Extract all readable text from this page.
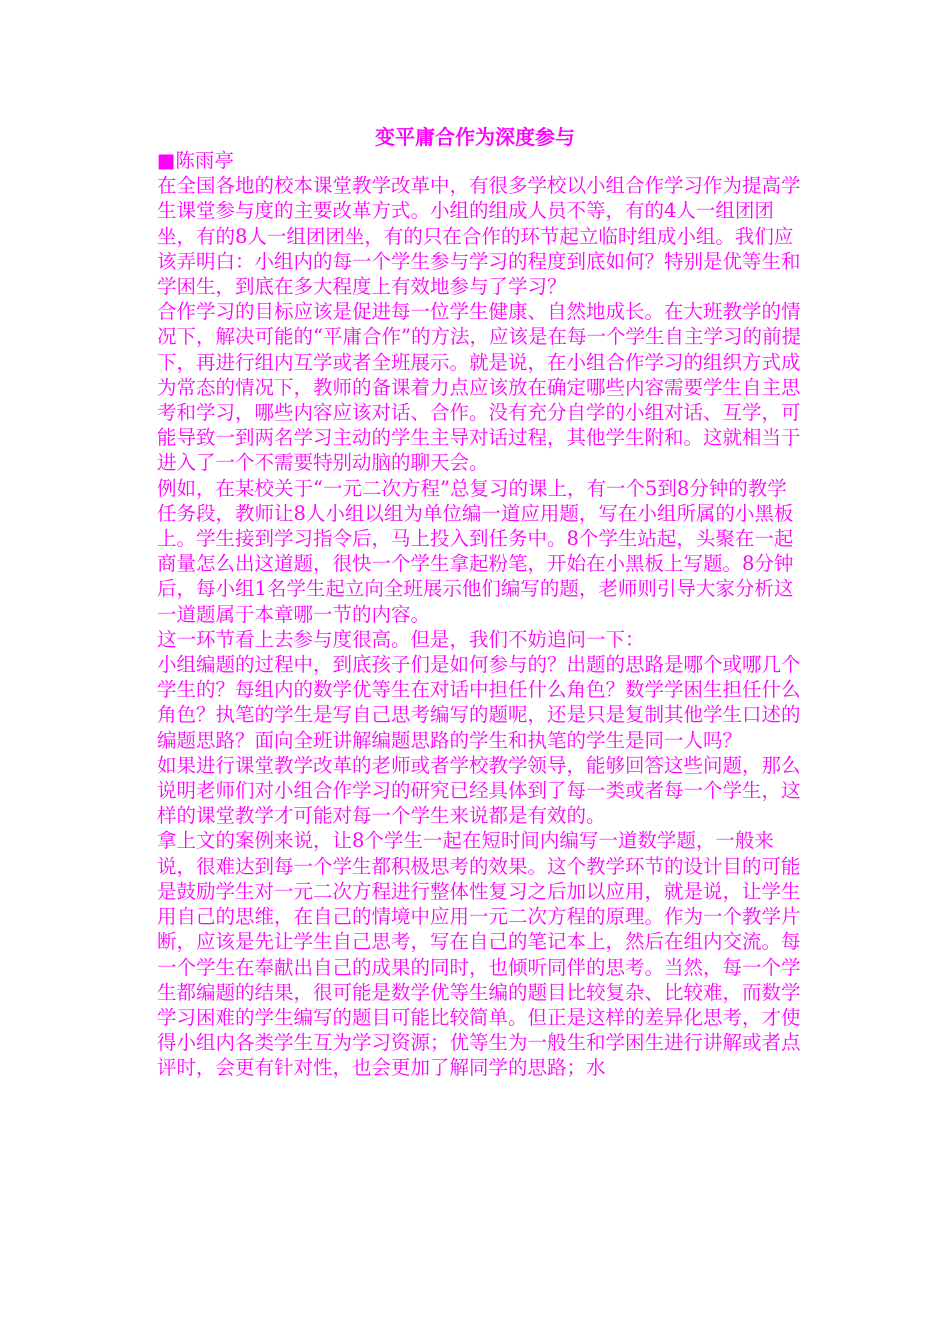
变平庸合作为深度参与

■陈雨亭

在全国各地的校本课堂教学改革中，有很多学校以小组合作学习作为提高学生课堂参与度的主要改革方式。小组的组成人员不等，有的4人一组团团坐，有的8人一组团团坐，有的只在合作的环节起立临时组成小组。我们应该弄明白：小组内的每一个学生参与学习的程度到底如何？特别是优等生和学困生，到底在多大程度上有效地参与了学习？

合作学习的目标应该是促进每一位学生健康、自然地成长。在大班教学的情况下，解决可能的“平庸合作”的方法，应该是在每一个学生自主学习的前提下，再进行组内互学或者全班展示。就是说，在小组合作学习的组织方式成为常态的情况下，教师的备课着力点应该放在确定哪些内容需要学生自主思考和学习，哪些内容应该对话、合作。没有充分自学的小组对话、互学，可能导致一到两名学习主动的学生主导对话过程，其他学生附和。这就相当于进入了一个不需要特别动脑的聊天会。

例如，在某校关于“一元二次方程”总复习的课上，有一个5到8分钟的教学任务段，教师让8人小组以组为单位编一道应用题，写在小组所属的小黑板上。学生接到学习指令后，马上投入到任务中。8个学生站起，头聚在一起商量怎么出这道题，很快一个学生拿起粉笔，开始在小黑板上写题。8分钟后，每小组1名学生起立向全班展示他们编写的题，老师则引导大家分析这一道题属于本章哪一节的内容。

这一环节看上去参与度很高。但是，我们不妨追问一下：

小组编题的过程中，到底孩子们是如何参与的？出题的思路是哪个或哪几个学生的？每组内的数学优等生在对话中担任什么角色？数学学困生担任什么角色？执笔的学生是写自己思考编写的题呢，还是只是复制其他学生口述的编题思路？面向全班讲解编题思路的学生和执笔的学生是同一人吗？

如果进行课堂教学改革的老师或者学校教学领导，能够回答这些问题，那么说明老师们对小组合作学习的研究已经具体到了每一类或者每一个学生，这样的课堂教学才可能对每一个学生来说都是有效的。

拿上文的案例来说，让8个学生一起在短时间内编写一道数学题，一般来说，很难达到每一个学生都积极思考的效果。这个教学环节的设计目的可能是鼓励学生对一元二次方程进行整体性复习之后加以应用，就是说，让学生用自己的思维，在自己的情境中应用一元二次方程的原理。作为一个教学片断，应该是先让学生自己思考，写在自己的笔记本上，然后在组内交流。每一个学生在奉献出自己的成果的同时，也倾听同伴的思考。当然，每一个学生都编题的结果，很可能是数学优等生编的题目比较复杂、比较难，而数学学习困难的学生编写的题目可能比较简单。但正是这样的差异化思考，才使得小组内各类学生互为学习资源；优等生为一般生和学困生进行讲解或者点评时，会更有针对性，也会更加了解同学的思路；水
